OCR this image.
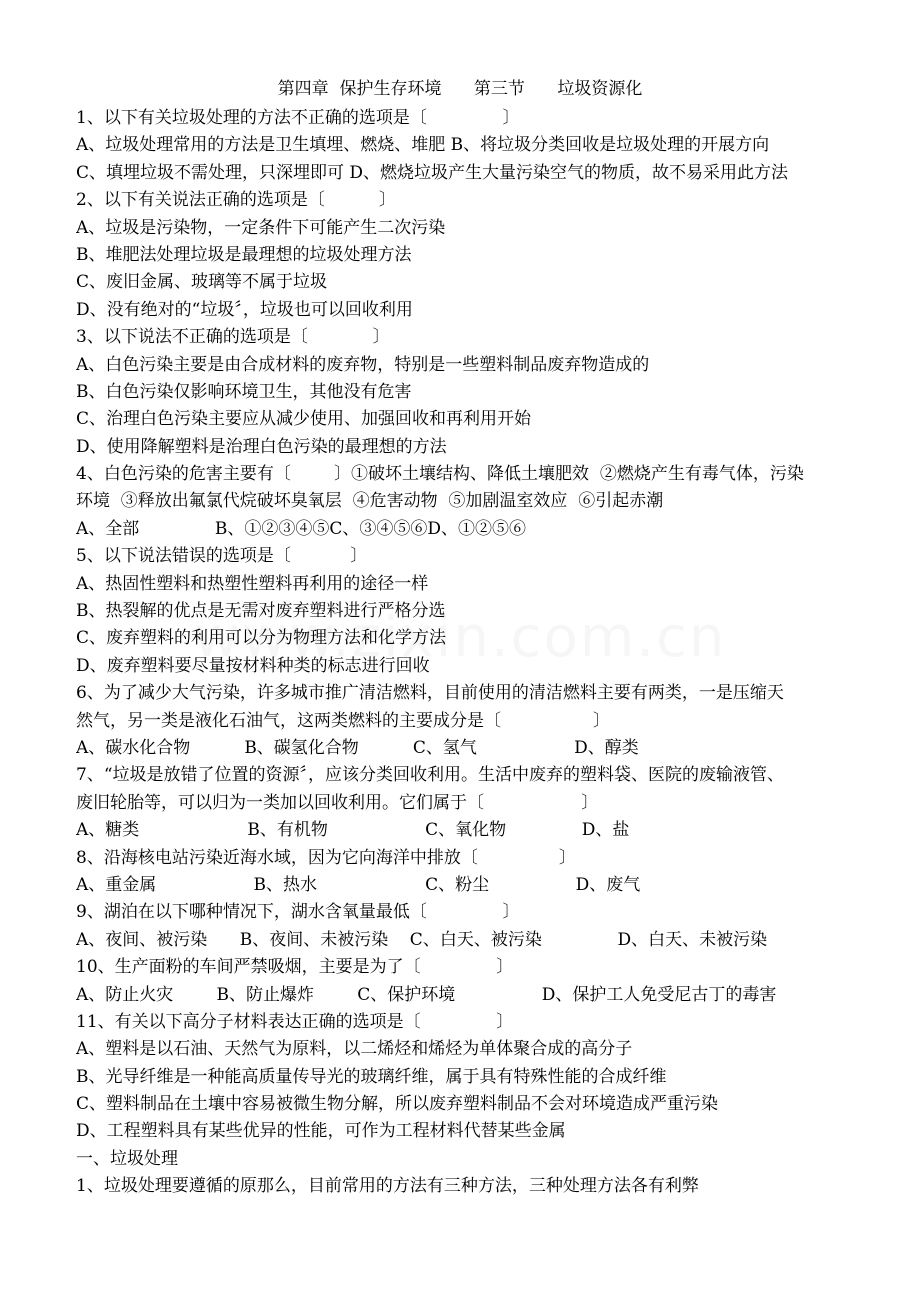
第四章  保护生存环境      第三节      垃圾资源化
1、以下有关垃圾处理的方法不正确的选项是〔              〕
A、垃圾处理常用的方法是卫生填埋、燃烧、堆肥 B、将垃圾分类回收是垃圾处理的开展方向
C、填埋垃圾不需处理，只深埋即可 D、燃烧垃圾产生大量污染空气的物质，故不易采用此方法
2、以下有关说法正确的选项是〔          〕
A、垃圾是污染物，一定条件下可能产生二次污染
B、堆肥法处理垃圾是最理想的垃圾处理方法
C、废旧金属、玻璃等不属于垃圾
D、没有绝对的“垃圾〞，垃圾也可以回收利用
3、以下说法不正确的选项是〔            〕
A、白色污染主要是由合成材料的废弃物，特别是一些塑料制品废弃物造成的
B、白色污染仅影响环境卫生，其他没有危害
C、治理白色污染主要应从减少使用、加强回收和再利用开始
D、使用降解塑料是治理白色污染的最理想的方法
4、白色污染的危害主要有〔        〕①破坏土壤结构、降低土壤肥效  ②燃烧产生有毒气体，污染
环境  ③释放出氟氯代烷破坏臭氧层  ④危害动物  ⑤加剧温室效应  ⑥引起赤潮
A、全部              B、①②③④⑤C、③④⑤⑥D、①②⑤⑥
5、以下说法错误的选项是〔           〕
A、热固性塑料和热塑性塑料再利用的途径一样
B、热裂解的优点是无需对废弃塑料进行严格分选
C、废弃塑料的利用可以分为物理方法和化学方法
D、废弃塑料要尽量按材料种类的标志进行回收
6、为了减少大气污染，许多城市推广清洁燃料，目前使用的清洁燃料主要有两类，一是压缩天
然气，另一类是液化石油气，这两类燃料的主要成分是〔                 〕
A、碳水化合物          B、碳氢化合物          C、氢气                  D、醇类
7、“垃圾是放错了位置的资源〞，应该分类回收利用。生活中废弃的塑料袋、医院的废输液管、
废旧轮胎等，可以归为一类加以回收利用。它们属于〔                  〕
A、糖类                    B、有机物                  C、氧化物              D、盐
8、沿海核电站污染近海水域，因为它向海洋中排放〔               〕
A、重金属                  B、热水                    C、粉尘                D、废气
9、湖泊在以下哪种情况下，湖水含氧量最低〔              〕
A、夜间、被污染      B、夜间、未被污染    C、白天、被污染              D、白天、未被污染
10、生产面粉的车间严禁吸烟，主要是为了〔              〕
A、防止火灾        B、防止爆炸        C、保护环境                D、保护工人免受尼古丁的毒害
11、有关以下高分子材料表达正确的选项是〔              〕
A、塑料是以石油、天然气为原料，以二烯烃和烯烃为单体聚合成的高分子
B、光导纤维是一种能高质量传导光的玻璃纤维，属于具有特殊性能的合成纤维
C、塑料制品在土壤中容易被微生物分解，所以废弃塑料制品不会对环境造成严重污染
D、工程塑料具有某些优异的性能，可作为工程材料代替某些金属
一、垃圾处理
1、垃圾处理要遵循的原那么，目前常用的方法有三种方法，三种处理方法各有利弊
